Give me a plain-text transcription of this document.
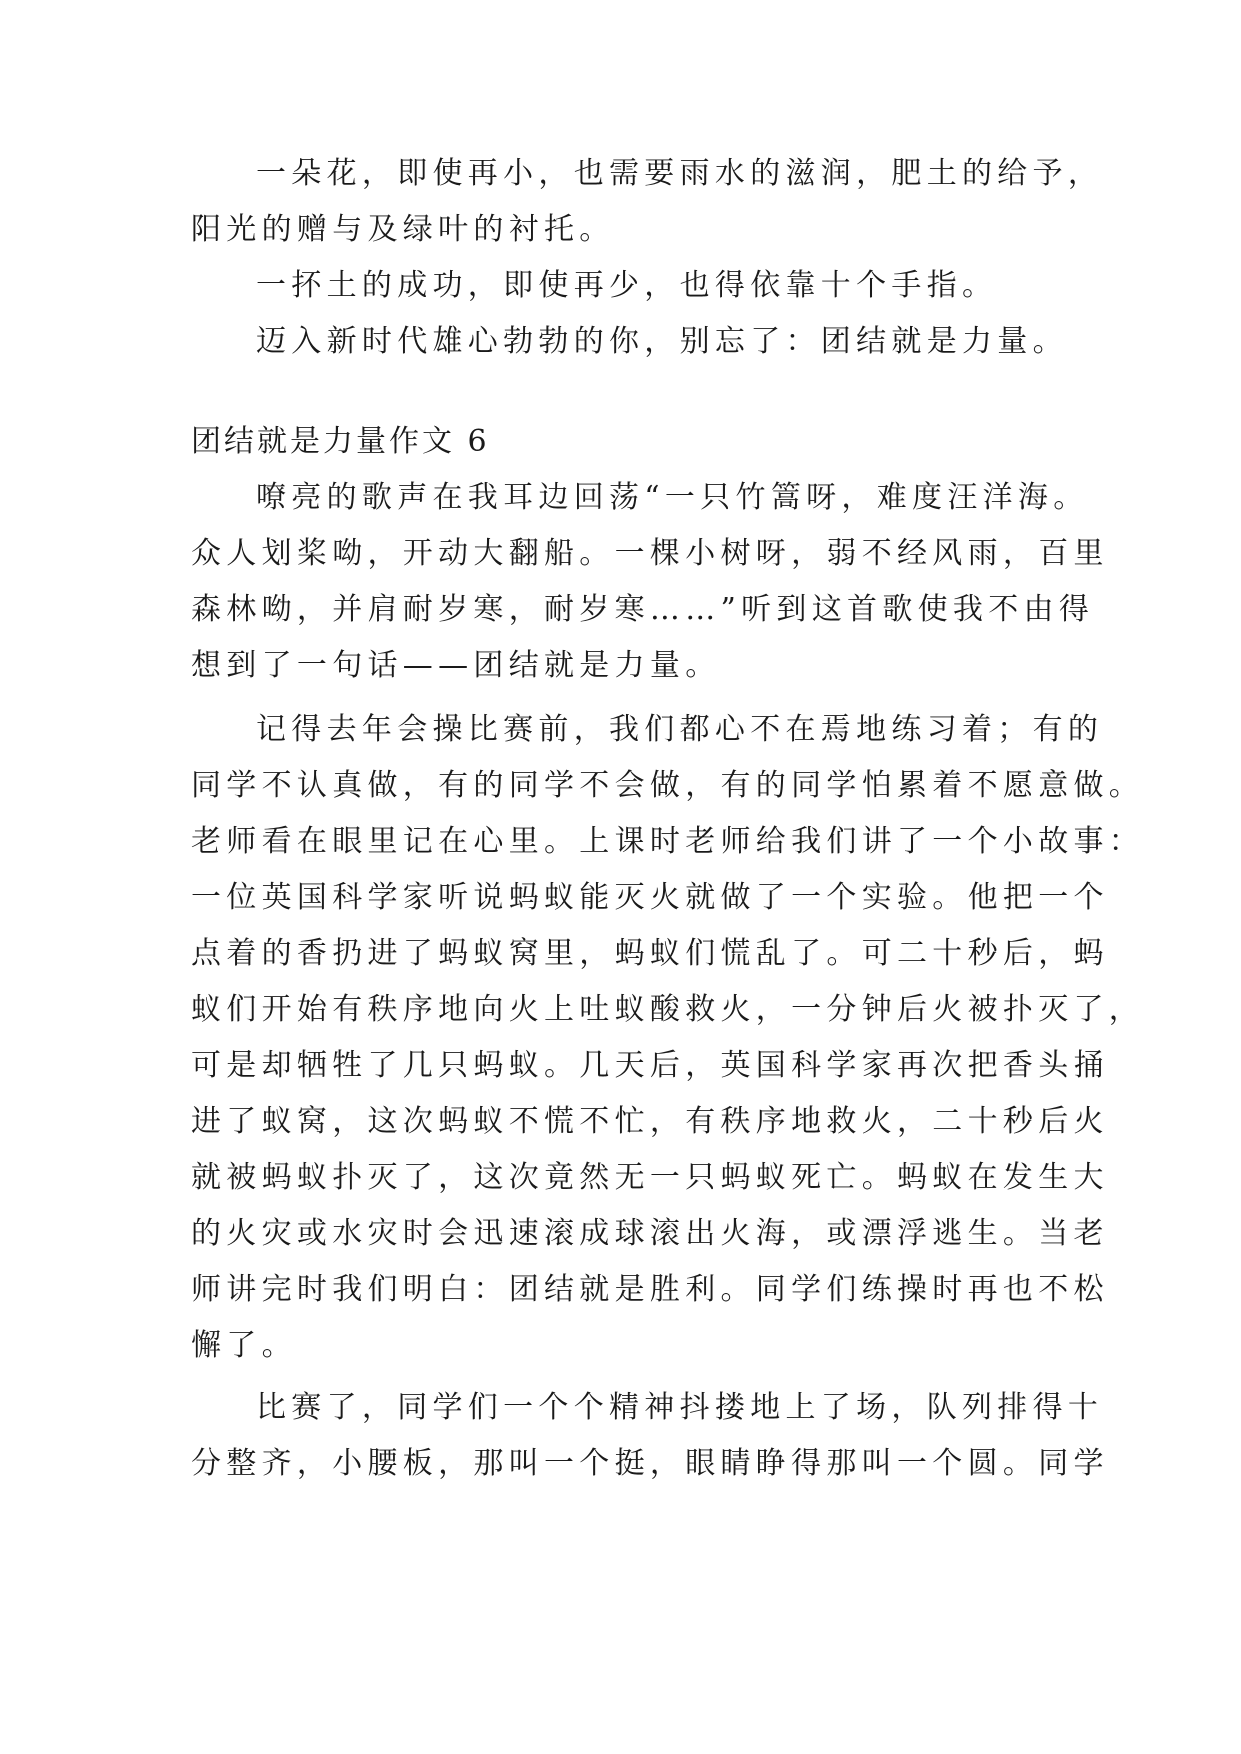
一朵花，即使再小，也需要雨水的滋润，肥土的给予，
阳光的赠与及绿叶的衬托。
一抔土的成功，即使再少，也得依靠十个手指。
迈入新时代雄心勃勃的你，别忘了：团结就是力量。
团结就是力量作文 6
嘹亮的歌声在我耳边回荡“一只竹篙呀，难度汪洋海。
众人划桨呦，开动大翻船。一棵小树呀，弱不经风雨，百里
森林呦，并肩耐岁寒，耐岁寒……”听到这首歌使我不由得
想到了一句话——团结就是力量。
记得去年会操比赛前，我们都心不在焉地练习着；有的
同学不认真做，有的同学不会做，有的同学怕累着不愿意做。
老师看在眼里记在心里。上课时老师给我们讲了一个小故事：
一位英国科学家听说蚂蚁能灭火就做了一个实验。他把一个
点着的香扔进了蚂蚁窝里，蚂蚁们慌乱了。可二十秒后，蚂
蚁们开始有秩序地向火上吐蚁酸救火，一分钟后火被扑灭了，
可是却牺牲了几只蚂蚁。几天后，英国科学家再次把香头捅
进了蚁窝，这次蚂蚁不慌不忙，有秩序地救火，二十秒后火
就被蚂蚁扑灭了，这次竟然无一只蚂蚁死亡。蚂蚁在发生大
的火灾或水灾时会迅速滚成球滚出火海，或漂浮逃生。当老
师讲完时我们明白：团结就是胜利。同学们练操时再也不松
懈了。
比赛了，同学们一个个精神抖搂地上了场，队列排得十
分整齐，小腰板，那叫一个挺，眼睛睁得那叫一个圆。同学
